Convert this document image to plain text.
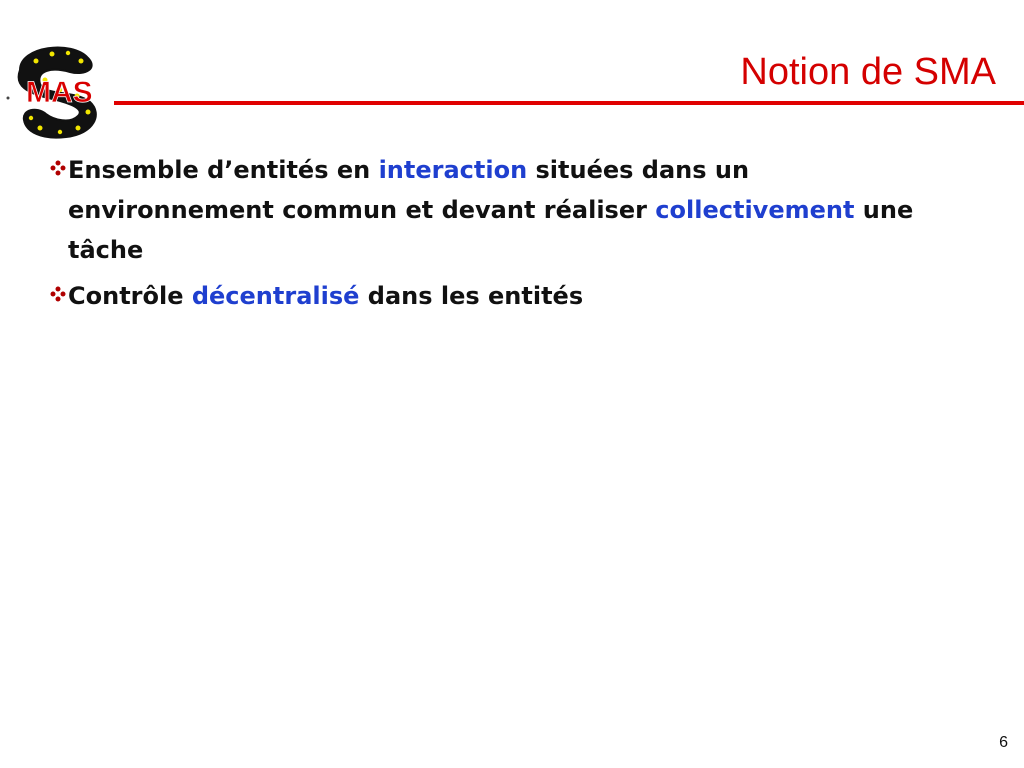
MAS	Notion de SMA
Ensemble d’entités en interaction situées dans un environnement commun et devant réaliser collectivement une tâche
Contrôle décentralisé dans les entités
6
